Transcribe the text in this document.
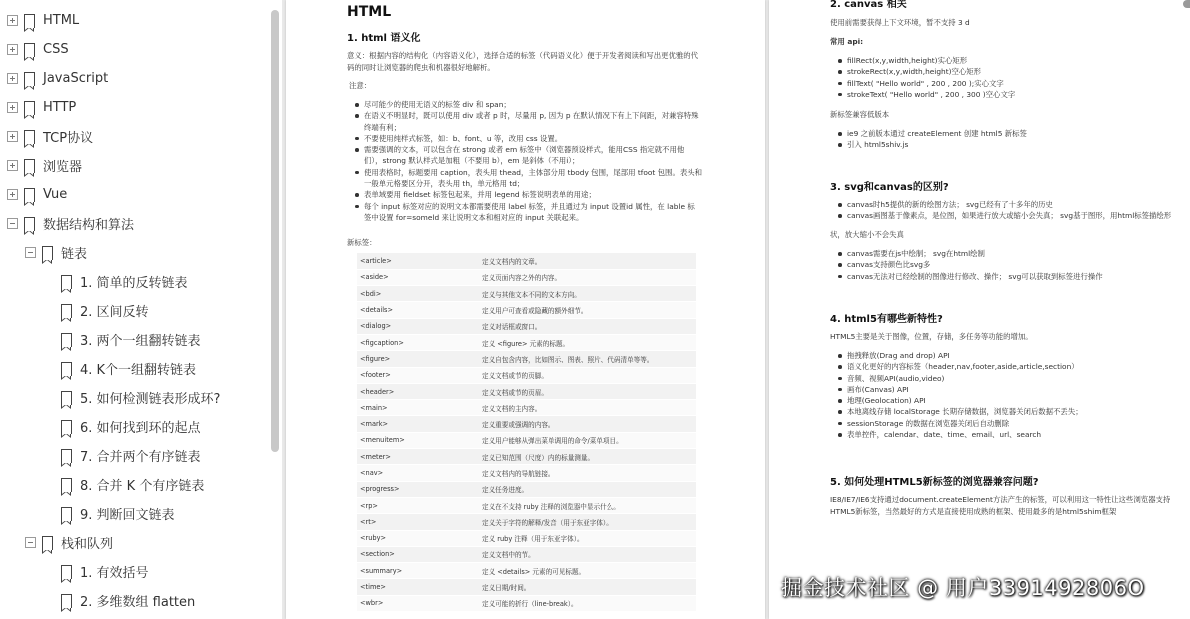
HTML
CSS
JavaScript
HTTP
TCP协议
浏览器
Vue
数据结构和算法
链表
1. 简单的反转链表
2. 区间反转
3. 两个一组翻转链表
4. K个一组翻转链表
5. 如何检测链表形成环?
6. 如何找到环的起点
7. 合并两个有序链表
8. 合并 K 个有序链表
9. 判断回文链表
栈和队列
1. 有效括号
2. 多维数组 flatten
HTML
1. html 语义化
意义：根据内容的结构化（内容语义化），选择合适的标签（代码语义化）便于开发者阅读和写出更优雅的代码的同时让浏览器的爬虫和机器很好地解析。
注意：
尽可能少的使用无语义的标签 div 和 span；
在语义不明显时，既可以使用 div 或者 p 时，尽量用 p, 因为 p 在默认情况下有上下间距，对兼容特殊终端有利；
不要使用纯样式标签，如：b、font、u 等，改用 css 设置。
需要强调的文本，可以包含在 strong 或者 em 标签中（浏览器预设样式，能用CSS 指定就不用他们），strong 默认样式是加粗（不要用 b），em 是斜体（不用i）；
使用表格时，标题要用 caption，表头用 thead，主体部分用 tbody 包围，尾部用 tfoot 包围。表头和一般单元格要区分开，表头用 th，单元格用 td；
表单域要用 fieldset 标签包起来，并用 legend 标签说明表单的用途；
每个 input 标签对应的说明文本都需要使用 label 标签，并且通过为 input 设置id 属性，在 lable 标签中设置 for=someld 来让说明文本和相对应的 input 关联起来。
新标签：
<article>	定义文档内的文章。
<aside>	定义页面内容之外的内容。
<bdi>	定义与其他文本不同的文本方向。
<details>	定义用户可查看或隐藏的额外细节。
<dialog>	定义对话框或窗口。
<figcaption>	定义 <figure> 元素的标题。
<figure>	定义自包含内容，比如图示、图表、照片、代码清单等等。
<footer>	定义文档或节的页脚。
<header>	定义文档或节的页眉。
<main>	定义文档的主内容。
<mark>	定义重要或强调的内容。
<menuitem>	定义用户能够从弹出菜单调用的命令/菜单项目。
<meter>	定义已知范围（尺度）内的标量测量。
<nav>	定义文档内的导航链接。
<progress>	定义任务进度。
<rp>	定义在不支持 ruby 注释的浏览器中显示什么。
<rt>	定义关于字符的解释/发音（用于东亚字体）。
<ruby>	定义 ruby 注释（用于东亚字体）。
<section>	定义文档中的节。
<summary>	定义 <details> 元素的可见标题。
<time>	定义日期/时间。
<wbr>	定义可能的折行（line-break）。
2. canvas 相关
使用前需要获得上下文环境，暂不支持 3 d
常用 api:
fillRect(x,y,width,height)实心矩形
strokeRect(x,y,width,height)空心矩形
fillText( "Hello world" , 200 , 200 );实心文字
strokeText( "Hello world" , 200 , 300 )空心文字
新标签兼容低版本
ie9 之前版本通过 createElement 创建 html5 新标签
引入 html5shiv.js
3. svg和canvas的区别?
canvas时h5提供的新的绘图方法； svg已经有了十多年的历史
canvas画图基于像素点，是位图，如果进行放大或缩小会失真； svg基于图形，用html标签描绘形
状，放大缩小不会失真
canvas需要在js中绘制； svg在html绘制
canvas支持颜色比svg多
canvas无法对已经绘制的图像进行修改、操作； svg可以获取到标签进行操作
4. html5有哪些新特性?
HTML5主要是关于图像，位置，存储，多任务等功能的增加。
拖拽释放(Drag and drop) API
语义化更好的内容标签（header,nav,footer,aside,article,section）
音频、视频API(audio,video)
画布(Canvas) API
地理(Geolocation) API
本地离线存储 localStorage 长期存储数据，浏览器关闭后数据不丢失；
sessionStorage 的数据在浏览器关闭后自动删除
表单控件，calendar、date、time、email、url、search
5. 如何处理HTML5新标签的浏览器兼容问题?
IE8/IE7/IE6支持通过document.createElement方法产生的标签，可以利用这一特性让这些浏览器支持HTML5新标签，当然最好的方式是直接使用成熟的框架、使用最多的是html5shim框架
掘金技术社区 @ 用户3391492806O
